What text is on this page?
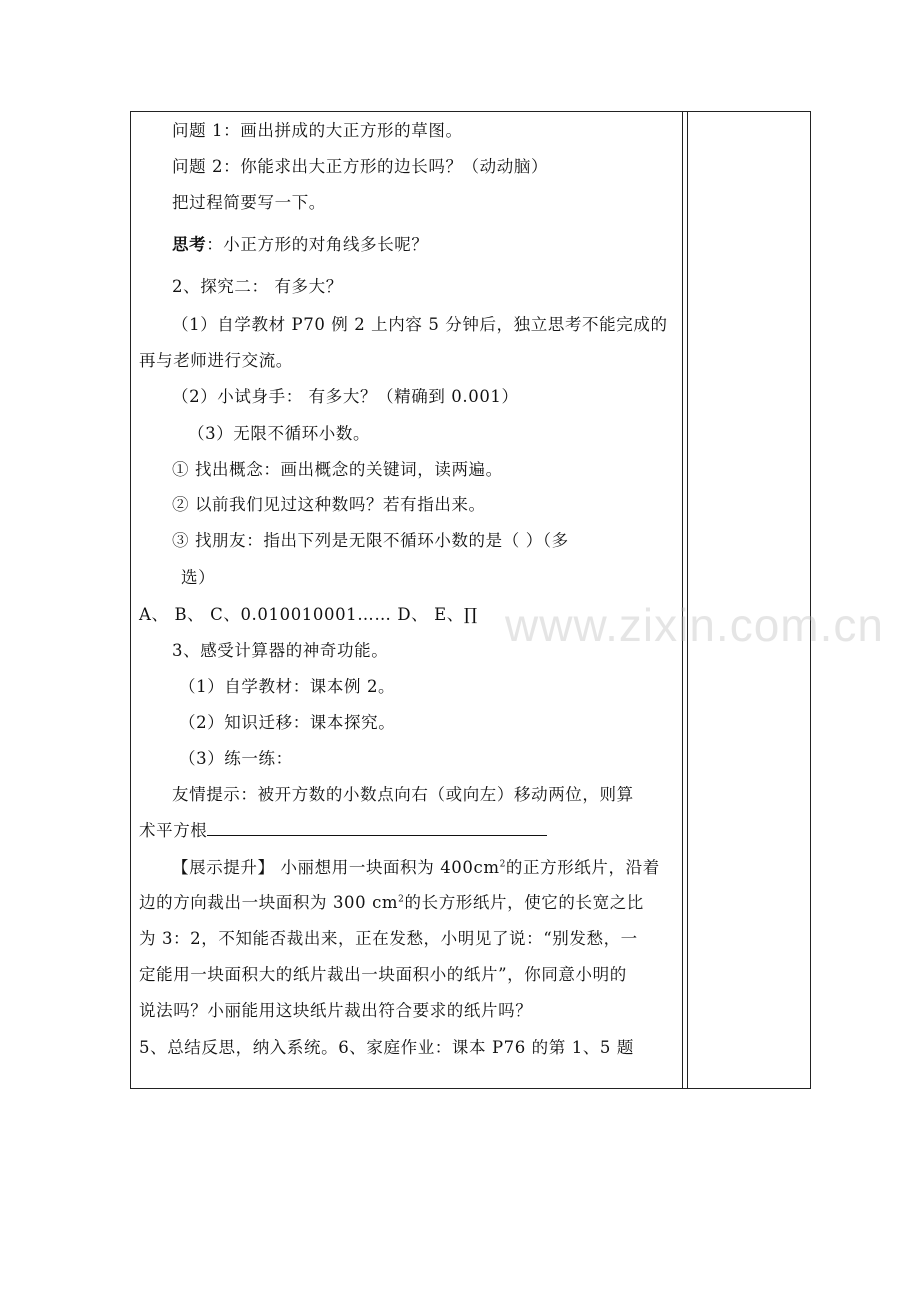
www.zixin.com.cn
问题 1：画出拼成的大正方形的草图。
问题 2：你能求出大正方形的边长吗？（动动脑）
把过程简要写一下。
思考：小正方形的对角线多长呢？
2、探究二： 有多大？
（1）自学教材 P70 例 2 上内容 5 分钟后，独立思考不能完成的
再与老师进行交流。
（2）小试身手： 有多大？（精确到 0.001）
（3）无限不循环小数。
① 找出概念：画出概念的关键词，读两遍。
② 以前我们见过这种数吗？若有指出来。
③ 找朋友：指出下列是无限不循环小数的是（ ）（多
选）
A、 B、 C、0.010010001…… D、 E、∏
3、感受计算器的神奇功能。
（1）自学教材：课本例 2。
（2）知识迁移：课本探究。
（3）练一练：
友情提示：被开方数的小数点向右（或向左）移动两位，则算
术平方根
【展示提升】 小丽想用一块面积为 $400cm^2$的正方形纸片，沿着
边的方向裁出一块面积为 300 $cm^2$的长方形纸片，使它的长宽之比
为 3：2，不知能否裁出来，正在发愁，小明见了说：“别发愁，一
定能用一块面积大的纸片裁出一块面积小的纸片”，你同意小明的
说法吗？小丽能用这块纸片裁出符合要求的纸片吗？
5、总结反思，纳入系统。6、家庭作业：课本 P76 的第 1、5 题
